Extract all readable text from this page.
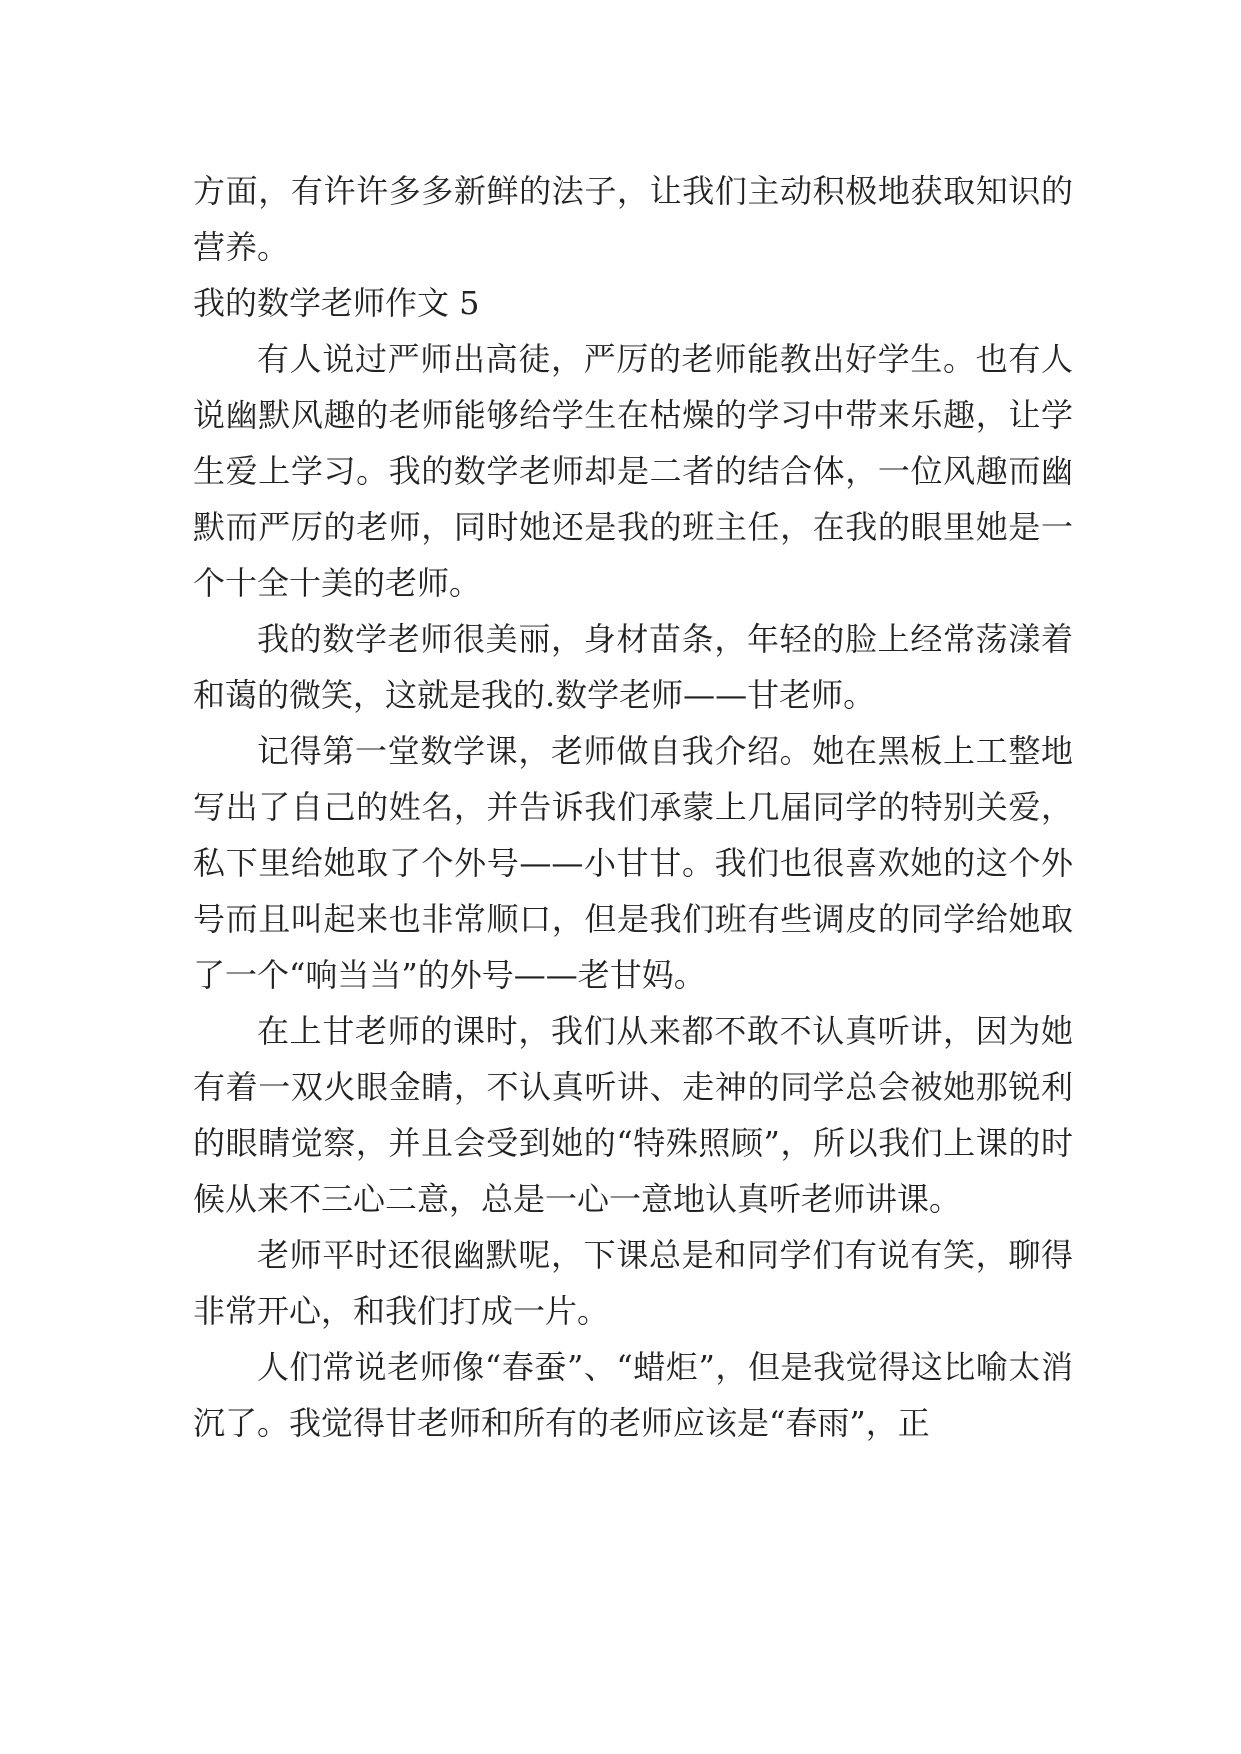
方面，有许许多多新鲜的法子，让我们主动积极地获取知识的营养。

我的数学老师作文 5

有人说过严师出高徒，严厉的老师能教出好学生。也有人说幽默风趣的老师能够给学生在枯燥的学习中带来乐趣，让学生爱上学习。我的数学老师却是二者的结合体，一位风趣而幽默而严厉的老师，同时她还是我的班主任，在我的眼里她是一个十全十美的老师。

我的数学老师很美丽，身材苗条，年轻的脸上经常荡漾着和蔼的微笑，这就是我的.数学老师——甘老师。

记得第一堂数学课，老师做自我介绍。她在黑板上工整地写出了自己的姓名，并告诉我们承蒙上几届同学的特别关爱，私下里给她取了个外号——小甘甘。我们也很喜欢她的这个外号而且叫起来也非常顺口，但是我们班有些调皮的同学给她取了一个“响当当”的外号——老甘妈。

在上甘老师的课时，我们从来都不敢不认真听讲，因为她有着一双火眼金睛，不认真听讲、走神的同学总会被她那锐利的眼睛觉察，并且会受到她的“特殊照顾”，所以我们上课的时候从来不三心二意，总是一心一意地认真听老师讲课。

老师平时还很幽默呢，下课总是和同学们有说有笑，聊得非常开心，和我们打成一片。

人们常说老师像“春蚕”、“蜡炬”，但是我觉得这比喻太消沉了。我觉得甘老师和所有的老师应该是“春雨”，正
